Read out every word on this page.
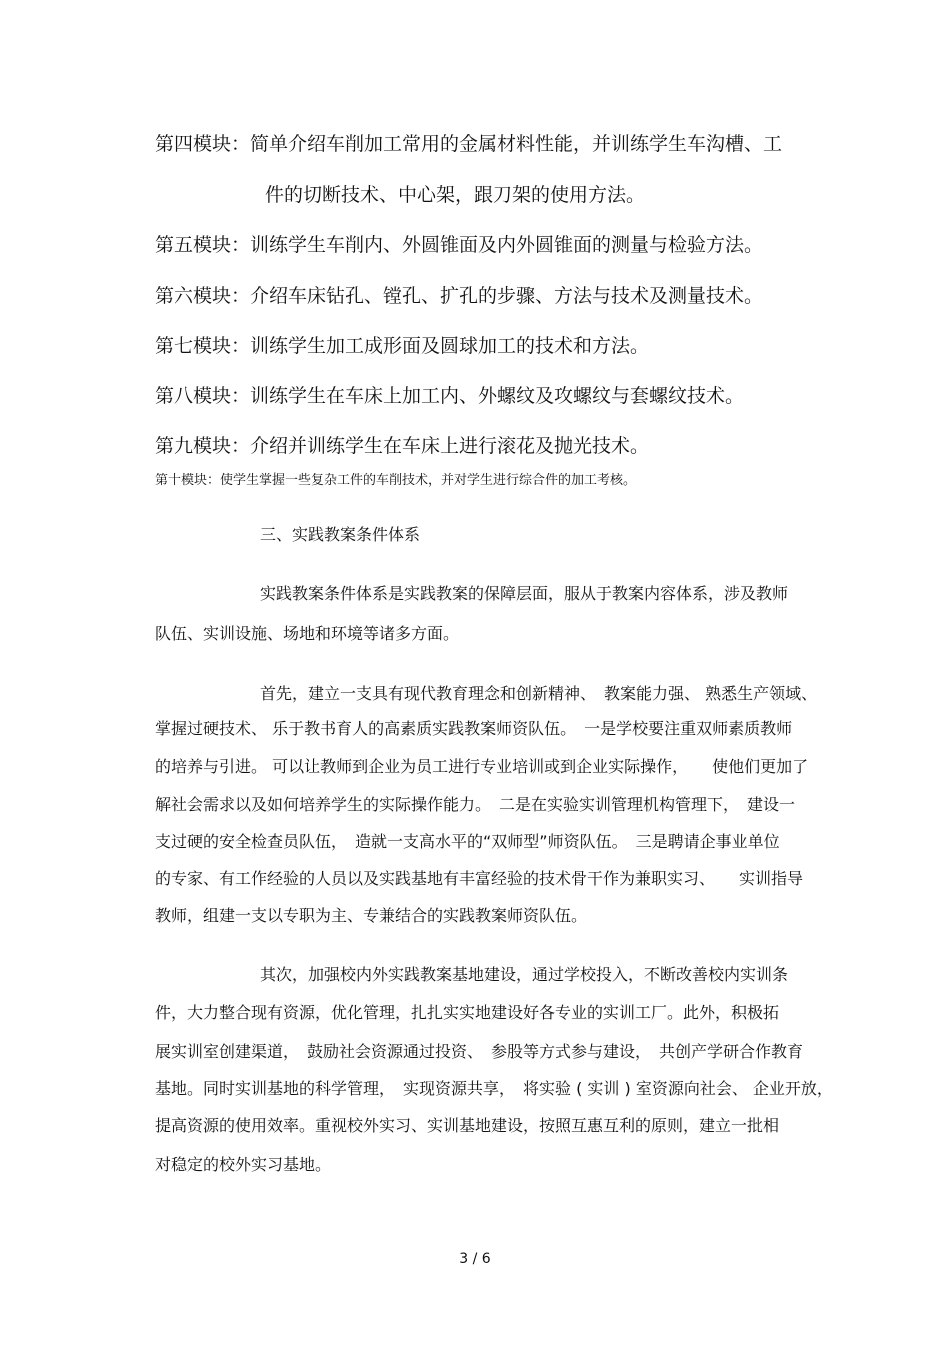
第四模块：简单介绍车削加工常用的金属材料性能，并训练学生车沟槽、工
件的切断技术、中心架，跟刀架的使用方法。
第五模块：训练学生车削内、外圆锥面及内外圆锥面的测量与检验方法。
第六模块：介绍车床钻孔、镗孔、扩孔的步骤、方法与技术及测量技术。
第七模块：训练学生加工成形面及圆球加工的技术和方法。
第八模块：训练学生在车床上加工内、外螺纹及攻螺纹与套螺纹技术。
第九模块：介绍并训练学生在车床上进行滚花及抛光技术。
第十模块：使学生掌握一些复杂工件的车削技术，并对学生进行综合件的加工考核。
三、实践教案条件体系
实践教案条件体系是实践教案的保障层面，服从于教案内容体系，涉及教师
队伍、实训设施、场地和环境等诸多方面。
首先，建立一支具有现代教育理念和创新精神、　教案能力强、 熟悉生产领域、
掌握过硬技术、 乐于教书育人的高素质实践教案师资队伍。　一是学校要注重双师素质教师
的培养与引进。 可以让教师到企业为员工进行专业培训或到企业实际操作，　　使他们更加了
解社会需求以及如何培养学生的实际操作能力。　二是在实验实训管理机构管理下，　建设一
支过硬的安全检查员队伍，　造就一支高水平的“双师型”师资队伍。　三是聘请企事业单位
的专家、有工作经验的人员以及实践基地有丰富经验的技术骨干作为兼职实习、　　实训指导
教师，组建一支以专职为主、专兼结合的实践教案师资队伍。
其次，加强校内外实践教案基地建设，通过学校投入，不断改善校内实训条
件，大力整合现有资源，优化管理，扎扎实实地建设好各专业的实训工厂。此外，积极拓
展实训室创建渠道，　鼓励社会资源通过投资、　参股等方式参与建设，　共创产学研合作教育
基地。同时实训基地的科学管理，　实现资源共享，　将实验 ( 实训 ) 室资源向社会、 企业开放，
提高资源的使用效率。重视校外实习、实训基地建设，按照互惠互利的原则，建立一批相
对稳定的校外实习基地。
3 / 6
